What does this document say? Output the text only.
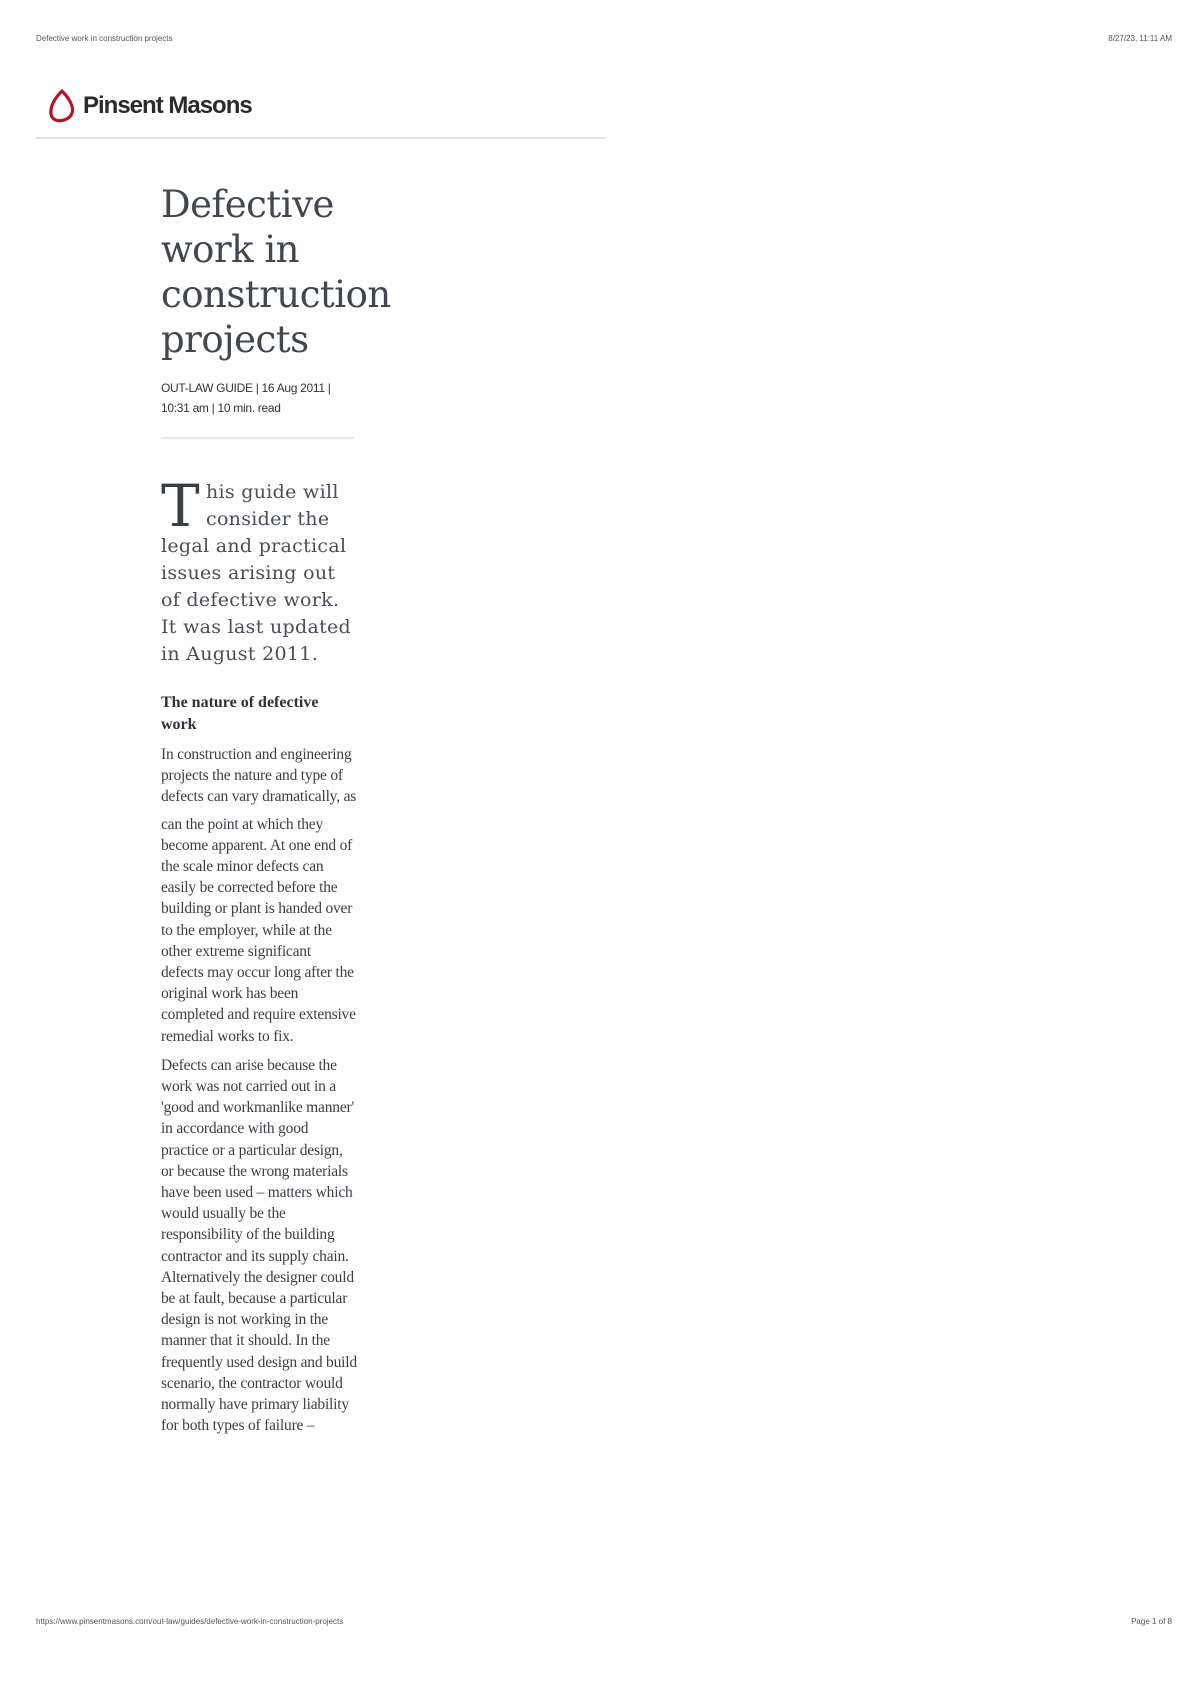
Defective work in construction projects	8/27/23, 11:11 AM
Pinsent Masons
Defective work in construction projects
OUT-LAW GUIDE | 16 Aug 2011 | 10:31 am | 10 min. read
This guide will consider the legal and practical issues arising out of defective work. It was last updated in August 2011.
The nature of defective work
In construction and engineering projects the nature and type of defects can vary dramatically, as
can the point at which they become apparent. At one end of the scale minor defects can easily be corrected before the building or plant is handed over to the employer, while at the other extreme significant defects may occur long after the original work has been completed and require extensive remedial works to fix.
Defects can arise because the work was not carried out in a 'good and workmanlike manner' in accordance with good practice or a particular design, or because the wrong materials have been used – matters which would usually be the responsibility of the building contractor and its supply chain. Alternatively the designer could be at fault, because a particular design is not working in the manner that it should. In the frequently used design and build scenario, the contractor would normally have primary liability for both types of failure –
https://www.pinsentmasons.com/out-law/guides/defective-work-in-construction-projects	Page 1 of 8
